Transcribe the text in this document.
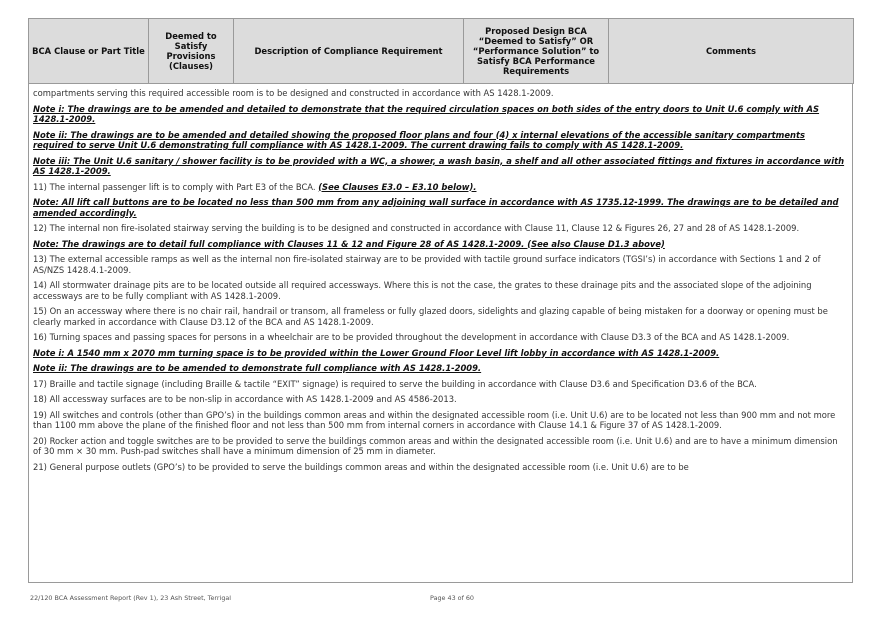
BCA Clause or Part Title	Deemed to Satisfy Provisions (Clauses)	Description of Compliance Requirement	Proposed Design BCA “Deemed to Satisfy” OR “Performance Solution” to Satisfy BCA Performance Requirements	Comments

compartments serving this required accessible room is to be designed and constructed in accordance with AS 1428.1-2009.

Note i: The drawings are to be amended and detailed to demonstrate that the required circulation spaces on both sides of the entry doors to Unit U.6 comply with AS 1428.1-2009.

Note ii: The drawings are to be amended and detailed showing the proposed floor plans and four (4) x internal elevations of the accessible sanitary compartments required to serve Unit U.6 demonstrating full compliance with AS 1428.1-2009. The current drawing fails to comply with AS 1428.1-2009.

Note iii: The Unit U.6 sanitary / shower facility is to be provided with a WC, a shower, a wash basin, a shelf and all other associated fittings and fixtures in accordance with AS 1428.1-2009.

11) The internal passenger lift is to comply with Part E3 of the BCA. (See Clauses E3.0 – E3.10 below).

Note: All lift call buttons are to be located no less than 500 mm from any adjoining wall surface in accordance with AS 1735.12-1999. The drawings are to be detailed and amended accordingly.

12) The internal non fire-isolated stairway serving the building is to be designed and constructed in accordance with Clause 11, Clause 12 & Figures 26, 27 and 28 of AS 1428.1-2009.

Note: The drawings are to detail full compliance with Clauses 11 & 12 and Figure 28 of AS 1428.1-2009. (See also Clause D1.3 above)

13) The external accessible ramps as well as the internal non fire-isolated stairway are to be provided with tactile ground surface indicators (TGSI’s) in accordance with Sections 1 and 2 of AS/NZS 1428.4.1-2009.

14) All stormwater drainage pits are to be located outside all required accessways. Where this is not the case, the grates to these drainage pits and the associated slope of the adjoining accessways are to be fully compliant with AS 1428.1-2009.

15) On an accessway where there is no chair rail, handrail or transom, all frameless or fully glazed doors, sidelights and glazing capable of being mistaken for a doorway or opening must be clearly marked in accordance with Clause D3.12 of the BCA and AS 1428.1-2009.

16) Turning spaces and passing spaces for persons in a wheelchair are to be provided throughout the development in accordance with Clause D3.3 of the BCA and AS 1428.1-2009.

Note i: A 1540 mm x 2070 mm turning space is to be provided within the Lower Ground Floor Level lift lobby in accordance with AS 1428.1-2009.

Note ii: The drawings are to be amended to demonstrate full compliance with AS 1428.1-2009.

17) Braille and tactile signage (including Braille & tactile “EXIT” signage) is required to serve the building in accordance with Clause D3.6 and Specification D3.6 of the BCA.

18) All accessway surfaces are to be non-slip in accordance with AS 1428.1-2009 and AS 4586-2013.

19) All switches and controls (other than GPO’s) in the buildings common areas and within the designated accessible room (i.e. Unit U.6) are to be located not less than 900 mm and not more than 1100 mm above the plane of the finished floor and not less than 500 mm from internal corners in accordance with Clause 14.1 & Figure 37 of AS 1428.1-2009.

20) Rocker action and toggle switches are to be provided to serve the buildings common areas and within the designated accessible room (i.e. Unit U.6) and are to have a minimum dimension of 30 mm × 30 mm. Push-pad switches shall have a minimum dimension of 25 mm in diameter.

21) General purpose outlets (GPO’s) to be provided to serve the buildings common areas and within the designated accessible room (i.e. Unit U.6) are to be

22/120 BCA Assessment Report (Rev 1), 23 Ash Street, Terrigal	Page 43 of 60
